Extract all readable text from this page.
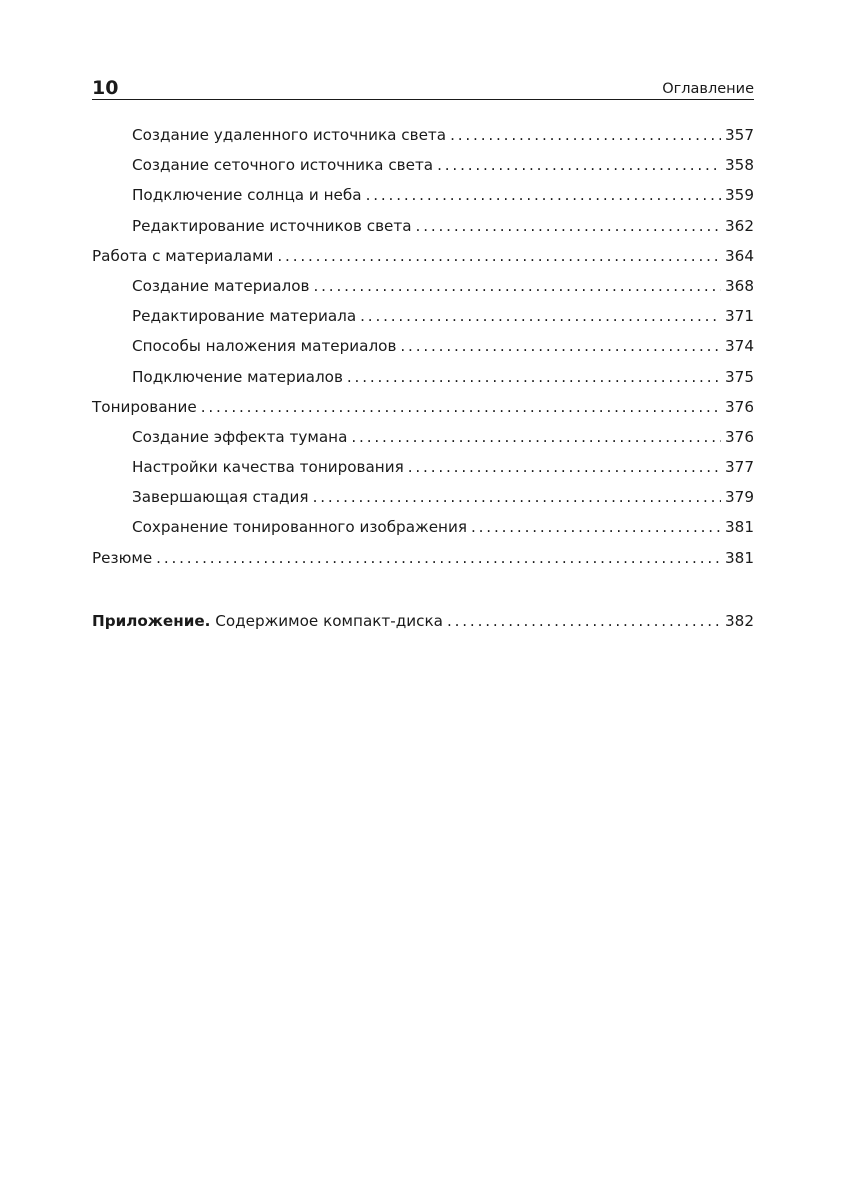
10	Оглавление
Создание удаленного источника света . . .	357
Создание сеточного источника света . . .	358
Подключение солнца и неба . . .	359
Редактирование источников света . . .	362
Работа с материалами . . .	364
Создание материалов . . .	368
Редактирование материала . . .	371
Способы наложения материалов . . .	374
Подключение материалов . . .	375
Тонирование . . .	376
Создание эффекта тумана . . .	376
Настройки качества тонирования . . .	377
Завершающая стадия . . .	379
Сохранение тонированного изображения . . .	381
Резюме . . .	381
Приложение. Содержимое компакт-диска . . .	382
